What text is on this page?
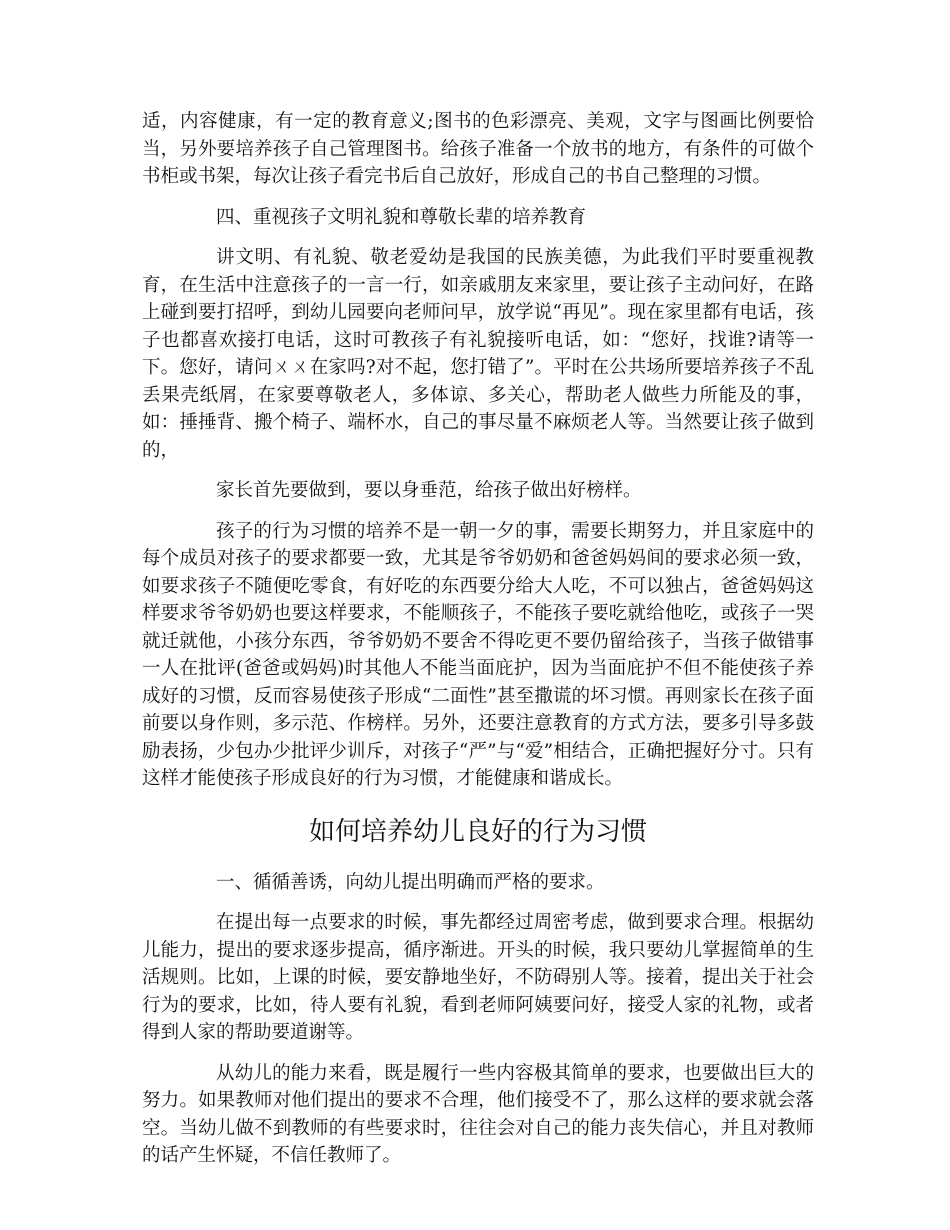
适，内容健康，有一定的教育意义;图书的色彩漂亮、美观，文字与图画比例要恰当，另外要培养孩子自己管理图书。给孩子准备一个放书的地方，有条件的可做个书柜或书架，每次让孩子看完书后自己放好，形成自己的书自己整理的习惯。

四、重视孩子文明礼貌和尊敬长辈的培养教育

讲文明、有礼貌、敬老爱幼是我国的民族美德，为此我们平时要重视教育，在生活中注意孩子的一言一行，如亲戚朋友来家里，要让孩子主动问好，在路上碰到要打招呼，到幼儿园要向老师问早，放学说“再见”。现在家里都有电话，孩子也都喜欢接打电话，这时可教孩子有礼貌接听电话，如：“您好，找谁?请等一下。您好，请问ㄨㄨ在家吗?对不起，您打错了”。平时在公共场所要培养孩子不乱丢果壳纸屑，在家要尊敬老人，多体谅、多关心，帮助老人做些力所能及的事，如：捶捶背、搬个椅子、端杯水，自己的事尽量不麻烦老人等。当然要让孩子做到的，

家长首先要做到，要以身垂范，给孩子做出好榜样。

孩子的行为习惯的培养不是一朝一夕的事，需要长期努力，并且家庭中的每个成员对孩子的要求都要一致，尤其是爷爷奶奶和爸爸妈妈间的要求必须一致，如要求孩子不随便吃零食，有好吃的东西要分给大人吃，不可以独占，爸爸妈妈这样要求爷爷奶奶也要这样要求，不能顺孩子，不能孩子要吃就给他吃，或孩子一哭就迁就他，小孩分东西，爷爷奶奶不要舍不得吃更不要仍留给孩子，当孩子做错事一人在批评(爸爸或妈妈)时其他人不能当面庇护，因为当面庇护不但不能使孩子养成好的习惯，反而容易使孩子形成“二面性”甚至撒谎的坏习惯。再则家长在孩子面前要以身作则，多示范、作榜样。另外，还要注意教育的方式方法，要多引导多鼓励表扬，少包办少批评少训斥，对孩子“严”与“爱”相结合，正确把握好分寸。只有这样才能使孩子形成良好的行为习惯，才能健康和谐成长。

如何培养幼儿良好的行为习惯

一、循循善诱，向幼儿提出明确而严格的要求。

在提出每一点要求的时候，事先都经过周密考虑，做到要求合理。根据幼儿能力，提出的要求逐步提高，循序渐进。开头的时候，我只要幼儿掌握简单的生活规则。比如，上课的时候，要安静地坐好，不防碍别人等。接着，提出关于社会行为的要求，比如，待人要有礼貌，看到老师阿姨要问好，接受人家的礼物，或者得到人家的帮助要道谢等。

从幼儿的能力来看，既是履行一些内容极其简单的要求，也要做出巨大的努力。如果教师对他们提出的要求不合理，他们接受不了，那么这样的要求就会落空。当幼儿做不到教师的有些要求时，往往会对自己的能力丧失信心，并且对教师的话产生怀疑，不信任教师了。
